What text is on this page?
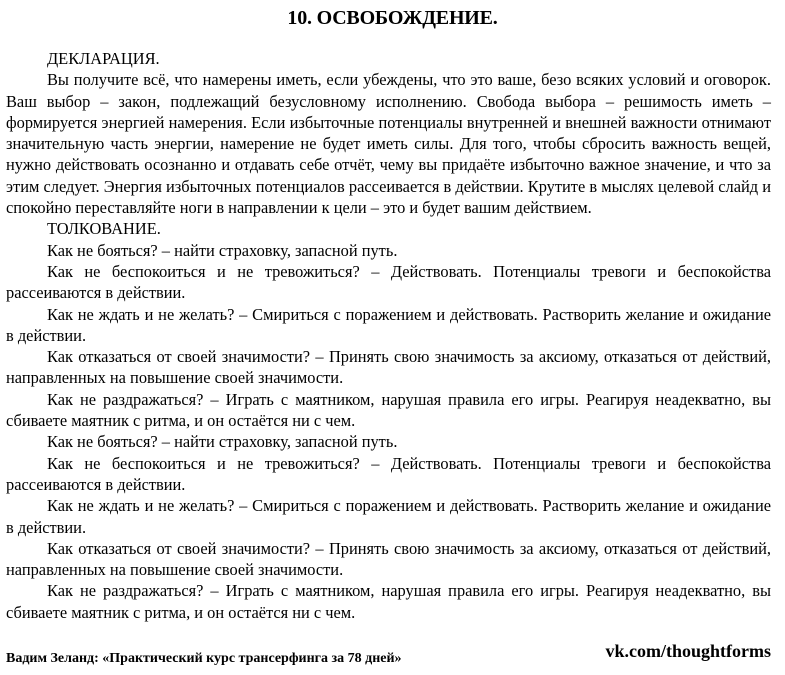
10. ОСВОБОЖДЕНИЕ.

ДЕКЛАРАЦИЯ.

Вы получите всё, что намерены иметь, если убеждены, что это ваше, безо всяких условий и оговорок. Ваш выбор – закон, подлежащий безусловному исполнению. Свобода выбора – решимость иметь – формируется энергией намерения. Если избыточные потенциалы внутренней и внешней важности отнимают значительную часть энергии, намерение не будет иметь силы. Для того, чтобы сбросить важность вещей, нужно действовать осознанно и отдавать себе отчёт, чему вы придаёте избыточно важное значение, и что за этим следует. Энергия избыточных потенциалов рассеивается в действии. Крутите в мыслях целевой слайд и спокойно переставляйте ноги в направлении к цели – это и будет вашим действием.

ТОЛКОВАНИЕ.

Как не бояться? – найти страховку, запасной путь.

Как не беспокоиться и не тревожиться? – Действовать. Потенциалы тревоги и беспокойства рассеиваются в действии.

Как не ждать и не желать? – Смириться с поражением и действовать. Растворить желание и ожидание в действии.

Как отказаться от своей значимости? – Принять свою значимость за аксиому, отказаться от действий, направленных на повышение своей значимости.

Как не раздражаться? – Играть с маятником, нарушая правила его игры. Реагируя неадекватно, вы сбиваете маятник с ритма, и он остаётся ни с чем.

Как не бояться? – найти страховку, запасной путь.

Как не беспокоиться и не тревожиться? – Действовать. Потенциалы тревоги и беспокойства рассеиваются в действии.

Как не ждать и не желать? – Смириться с поражением и действовать. Растворить желание и ожидание в действии.

Как отказаться от своей значимости? – Принять свою значимость за аксиому, отказаться от действий, направленных на повышение своей значимости.

Как не раздражаться? – Играть с маятником, нарушая правила его игры. Реагируя неадекватно, вы сбиваете маятник с ритма, и он остаётся ни с чем.

Вадим Зеланд: «Практический курс трансерфинга за 78 дней»	vk.com/thoughtforms
